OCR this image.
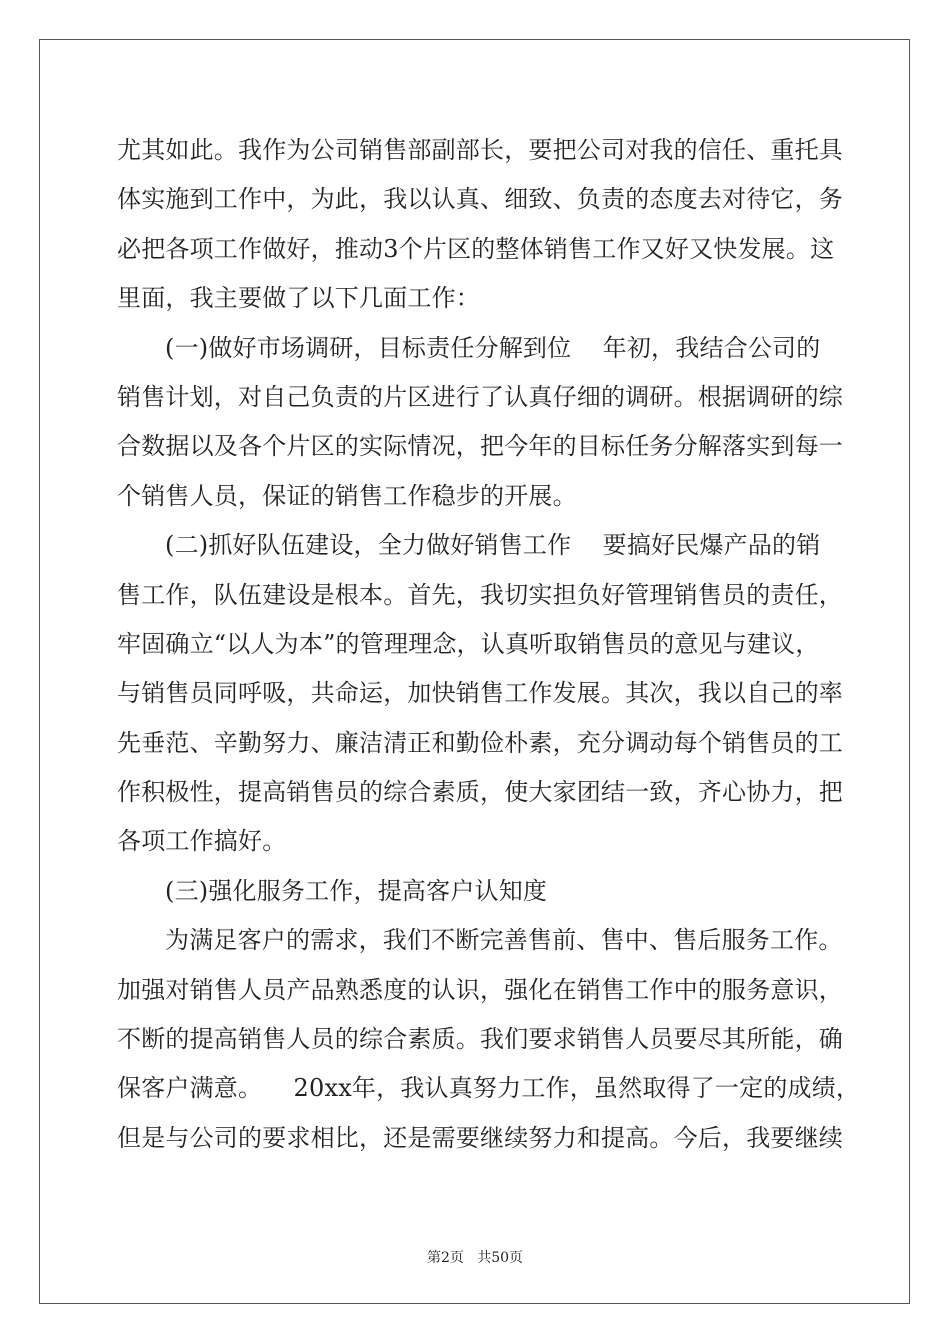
尤其如此。我作为公司销售部副部长，要把公司对我的信任、重托具
体实施到工作中，为此，我以认真、细致、负责的态度去对待它，务
必把各项工作做好，推动3个片区的整体销售工作又好又快发展。这
里面，我主要做了以下几面工作：
(一)做好市场调研，目标责任分解到位    年初，我结合公司的
销售计划，对自己负责的片区进行了认真仔细的调研。根据调研的综
合数据以及各个片区的实际情况，把今年的目标任务分解落实到每一
个销售人员，保证的销售工作稳步的开展。
(二)抓好队伍建设，全力做好销售工作    要搞好民爆产品的销
售工作，队伍建设是根本。首先，我切实担负好管理销售员的责任，
牢固确立“以人为本”的管理理念，认真听取销售员的意见与建议，
与销售员同呼吸，共命运，加快销售工作发展。其次，我以自己的率
先垂范、辛勤努力、廉洁清正和勤俭朴素，充分调动每个销售员的工
作积极性，提高销售员的综合素质，使大家团结一致，齐心协力，把
各项工作搞好。
(三)强化服务工作，提高客户认知度
为满足客户的需求，我们不断完善售前、售中、售后服务工作。
加强对销售人员产品熟悉度的认识，强化在销售工作中的服务意识，
不断的提高销售人员的综合素质。我们要求销售人员要尽其所能，确
保客户满意。    20xx年，我认真努力工作，虽然取得了一定的成绩，
但是与公司的要求相比，还是需要继续努力和提高。今后，我要继续
第2页   共50页
